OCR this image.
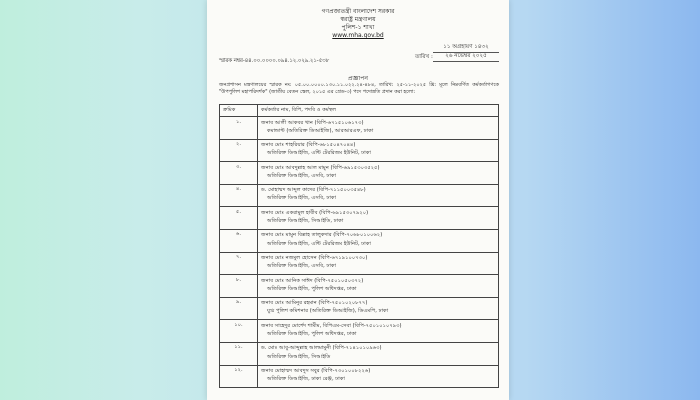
গণপ্রজাতন্ত্রী বাংলাদেশ সরকার
স্বরাষ্ট্র মন্ত্রণালয়
পুলিশ-১ শাখা
www.mha.gov.bd
১১ অগ্রহায়ণ ১৪৩২
তারিখ :	২৬ নভেম্বর ২০২৫
স্মারক নম্বর-৪৪.০০.০০০০.০৯৪.১২.০২৯.২১-৫৩৮
প্রজ্ঞাপন
জনপ্রশাসন মন্ত্রণালয়ের স্মারক নং: ০৫.০০.০০০০.১৩০.১১.০২২.২৪-৪৮৪, তারিখ: ২৫-১১-২০২৫ খ্রি: মূলে নিম্নবর্ণিত কর্মকর্তাগণকে "উপপুলিশ মহাপরিদর্শক" (জাতীয় বেতন স্কেল, ২০১৫ এর গ্রেড-৩) পদে পদোন্নতি প্রদান করা হলো:
ক্রমিক	কর্মকর্তার নাম, বিপি, পদবি ও কর্মস্থল
১.	জনাব আলী আকবর খান (বিপি-৬৭১৫১০৬১৭৩)
কমান্ডান্ট (অতিরিক্ত ডিআইজি), আরআরএফ, ঢাকা

২.	জনাব মোঃ শাহরিয়ার (বিপি-৬৮১৫০৪৭০৪৪)
অতিরিক্ত ডিআইজি, এন্টি টেররিজম ইউনিট, ঢাকা

৩.	জনাব মোঃ আবদুল্লাহ আল মামুন (বিপি-৬৯১৫৩০৩৫২৫)
অতিরিক্ত ডিআইজি, এসবি, ঢাকা

৪.	ড. মোহাম্মদ আব্দুল কাদের (বিপি-৭১১৫০০৩৫৪৮)
অতিরিক্ত ডিআইজি, এসবি, ঢাকা

৫.	জনাব মোঃ একরামুল হাবীব (বিপি-৬৯১৫৩০৭৯২০)
অতিরিক্ত ডিআইজি, সিআইডি, ঢাকা

৬.	জনাব মোঃ মামুন বিল্লাহ তালুকদার (বিপি-৭০৬৮০১০০৬২)
অতিরিক্ত ডিআইজি, এন্টি টেররিজম ইউনিট, ঢাকা

৭.	জনাব মোঃ নজমুল হোসেন (বিপি-৬৭১৯১০০৭৩০)
অতিরিক্ত ডিআইজি, এসবি, ঢাকা

৮.	জনাব মোঃ আনিক সাঈদ (বিপি-৭৫০১০৫০৩৭২)
অতিরিক্ত ডিআইজি, পুলিশ অধিদপ্তর, ঢাকা

৯.	জনাব মোঃ আমিনুর রহমান (বিপি-৭৫০১০২০৮৭৭)
যুগ্ম পুলিশ কমিশনার (অতিরিক্ত ডিআইজি), ডিএমপি, ঢাকা

১০.	জনাব সাহেদুর মোর্শেদ শামীম, বিপিএম-সেবা (বিপি-৭৫০১০১০৭৯৩)
অতিরিক্ত ডিআইজি, পুলিশ অধিদপ্তর, ঢাকা

১১.	ড. মোঃ আবু-আব্দুল্লাহ আলমামুনী (বিপি-৭১৪১০১০৯৬৩)
অতিরিক্ত ডিআইজি, সিআইডি

১২.	জনাব মোহাম্মদ আবদুস সবুর (বিপি-৭৩০১০০৮২২৬)
অতিরিক্ত ডিআইজি, ঢাকা রেঞ্জ, ঢাকা
